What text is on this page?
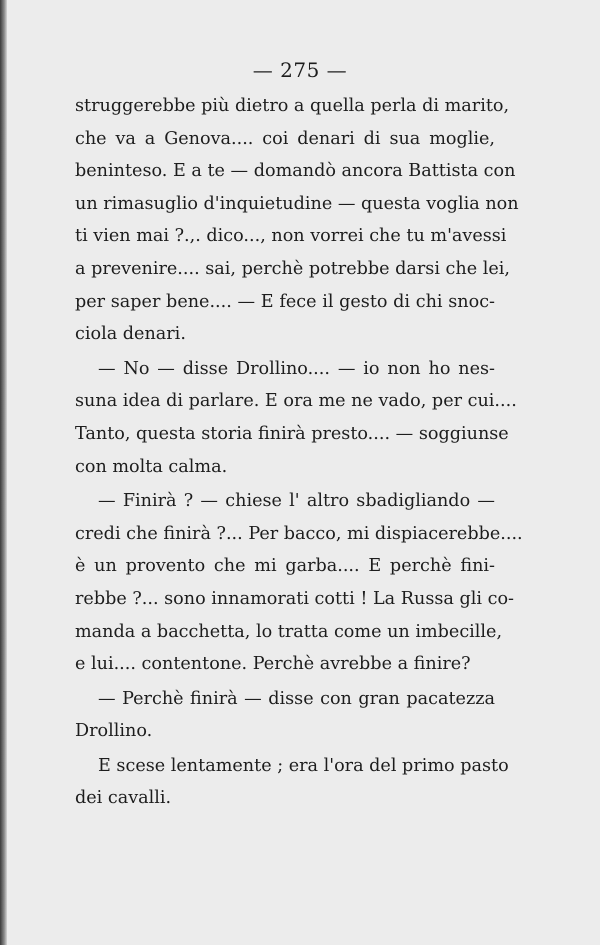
— 275 —
struggerebbe più dietro a quella perla di marito,
che va a Genova.... coi denari di sua moglie,
beninteso. E a te — domandò ancora Battista con
un rimasuglio d'inquietudine — questa voglia non
ti vien mai ?.,. dico..., non vorrei che tu m'avessi
a prevenire.... sai, perchè potrebbe darsi che lei,
per saper bene.... — E fece il gesto di chi snoc-
ciola denari.
— No — disse Drollino.... — io non ho nes-
suna idea di parlare. E ora me ne vado, per cui....
Tanto, questa storia finirà presto.... — soggiunse
con molta calma.
— Finirà ? — chiese l' altro sbadigliando —
credi che finirà ?... Per bacco, mi dispiacerebbe....
è un provento che mi garba.... E perchè fini-
rebbe ?... sono innamorati cotti ! La Russa gli co-
manda a bacchetta, lo tratta come un imbecille,
e lui.... contentone. Perchè avrebbe a finire?
— Perchè finirà — disse con gran pacatezza
Drollino.
E scese lentamente ; era l'ora del primo pasto
dei cavalli.
